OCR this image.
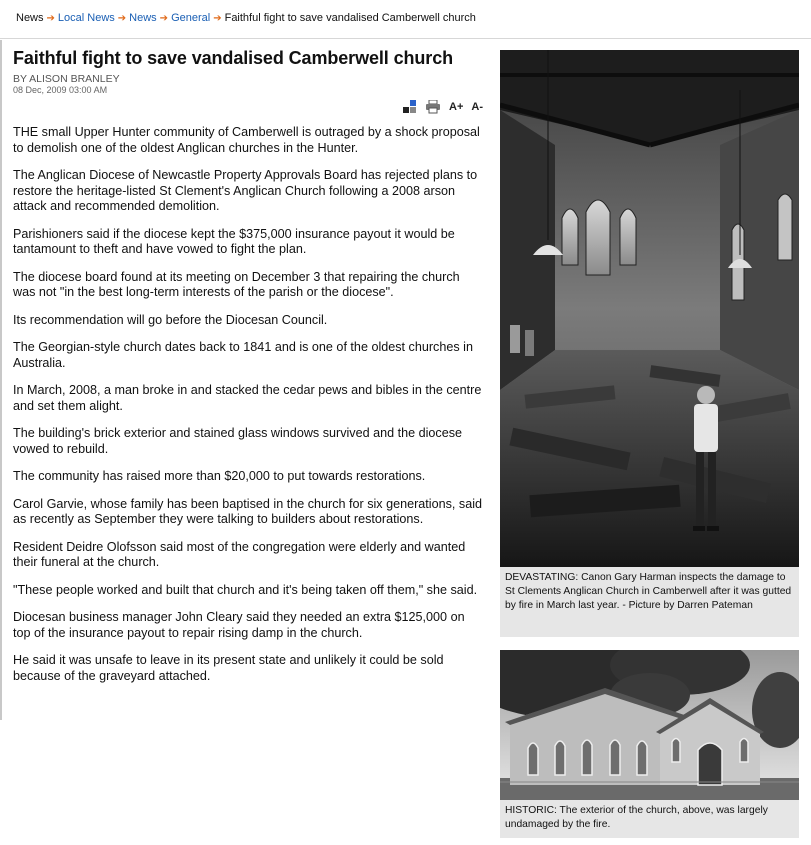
News ➔ Local News ➔ News ➔ General ➔ Faithful fight to save vandalised Camberwell church
Faithful fight to save vandalised Camberwell church
BY ALISON BRANLEY
08 Dec, 2009 03:00 AM
A+ A-

THE small Upper Hunter community of Camberwell is outraged by a shock proposal to demolish one of the oldest Anglican churches in the Hunter.

The Anglican Diocese of Newcastle Property Approvals Board has rejected plans to restore the heritage-listed St Clement's Anglican Church following a 2008 arson attack and recommended demolition.

Parishioners said if the diocese kept the $375,000 insurance payout it would be tantamount to theft and have vowed to fight the plan.

The diocese board found at its meeting on December 3 that repairing the church was not "in the best long-term interests of the parish or the diocese".

Its recommendation will go before the Diocesan Council.

The Georgian-style church dates back to 1841 and is one of the oldest churches in Australia.

In March, 2008, a man broke in and stacked the cedar pews and bibles in the centre and set them alight.

The building's brick exterior and stained glass windows survived and the diocese vowed to rebuild.

The community has raised more than $20,000 to put towards restorations.

Carol Garvie, whose family has been baptised in the church for six generations, said as recently as September they were talking to builders about restorations.

Resident Deidre Olofsson said most of the congregation were elderly and wanted their funeral at the church.

"These people worked and built that church and it's being taken off them," she said.

Diocesan business manager John Cleary said they needed an extra $125,000 on top of the insurance payout to repair rising damp in the church.

He said it was unsafe to leave in its present state and unlikely it could be sold because of the graveyard attached.

DEVASTATING: Canon Gary Harman inspects the damage to St Clements Anglican Church in Camberwell after it was gutted by fire in March last year. - Picture by Darren Pateman
HISTORIC: The exterior of the church, above, was largely undamaged by the fire.
